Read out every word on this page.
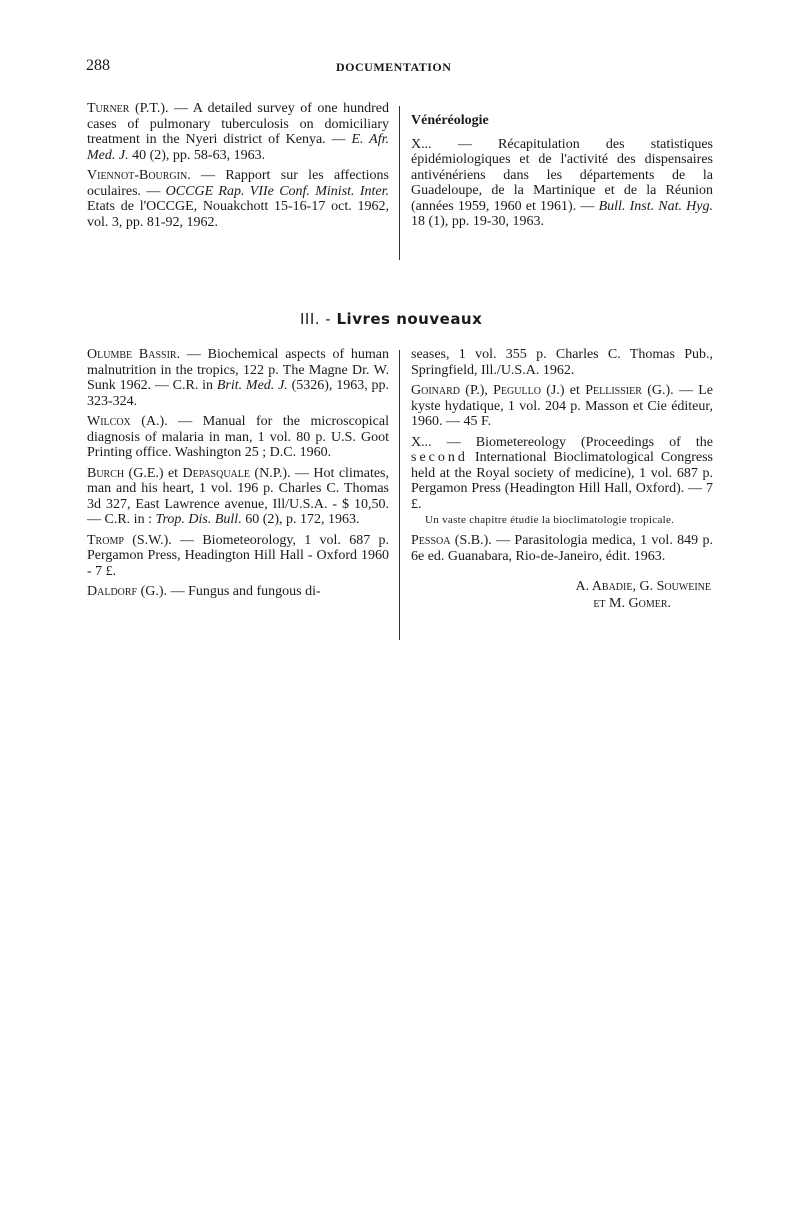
288	DOCUMENTATION

Turner (P.T.). — A detailed survey of one hundred cases of pulmonary tuberculosis on domiciliary treatment in the Nyeri district of Kenya. — E. Afr. Med. J. 40 (2), pp. 58-63, 1963.

Viennot-Bourgin. — Rapport sur les affections oculaires. — OCCGE Rap. VIIe Conf. Minist. Inter. Etats de l'OCCGE, Nouakchott 15-16-17 oct. 1962, vol. 3, pp. 81-92, 1962.

Vénéréologie

X... — Récapitulation des statistiques épidémiologiques et de l'activité des dispensaires antivénériens dans les départements de la Guadeloupe, de la Martinique et de la Réunion (années 1959, 1960 et 1961). — Bull. Inst. Nat. Hyg. 18 (1), pp. 19-30, 1963.

III. - Livres nouveaux

Olumbe Bassir. — Biochemical aspects of human malnutrition in the tropics, 122 p. The Magne Dr. W. Sunk 1962. — C.R. in Brit. Med. J. (5326), 1963, pp. 323-324.

Wilcox (A.). — Manual for the microscopical diagnosis of malaria in man, 1 vol. 80 p. U.S. Goot Printing office. Washington 25 ; D.C. 1960.

Burch (G.E.) et Depasquale (N.P.). — Hot climates, man and his heart, 1 vol. 196 p. Charles C. Thomas 3d 327, East Lawrence avenue, Ill/U.S.A. - $ 10,50. — C.R. in : Trop. Dis. Bull. 60 (2), p. 172, 1963.

Tromp (S.W.). — Biometeorology, 1 vol. 687 p. Pergamon Press, Headington Hill Hall - Oxford 1960 - 7 £.

Daldorf (G.). — Fungus and fungous di-

seases, 1 vol. 355 p. Charles C. Thomas Pub., Springfield, Ill./U.S.A. 1962.

Goinard (P.), Pegullo (J.) et Pellissier (G.). — Le kyste hydatique, 1 vol. 204 p. Masson et Cie éditeur, 1960. — 45 F.

X... — Biometereology (Proceedings of the second International Bioclimatological Congress held at the Royal society of medicine), 1 vol. 687 p. Pergamon Press (Headington Hill Hall, Oxford). — 7 £.

Un vaste chapitre étudie la bioclimatologie tropicale.

Pessoa (S.B.). — Parasitologia medica, 1 vol. 849 p. 6e ed. Guanabara, Rio-de-Janeiro, édit. 1963.

A. Abadie, G. Souweine
et M. Gomer.
